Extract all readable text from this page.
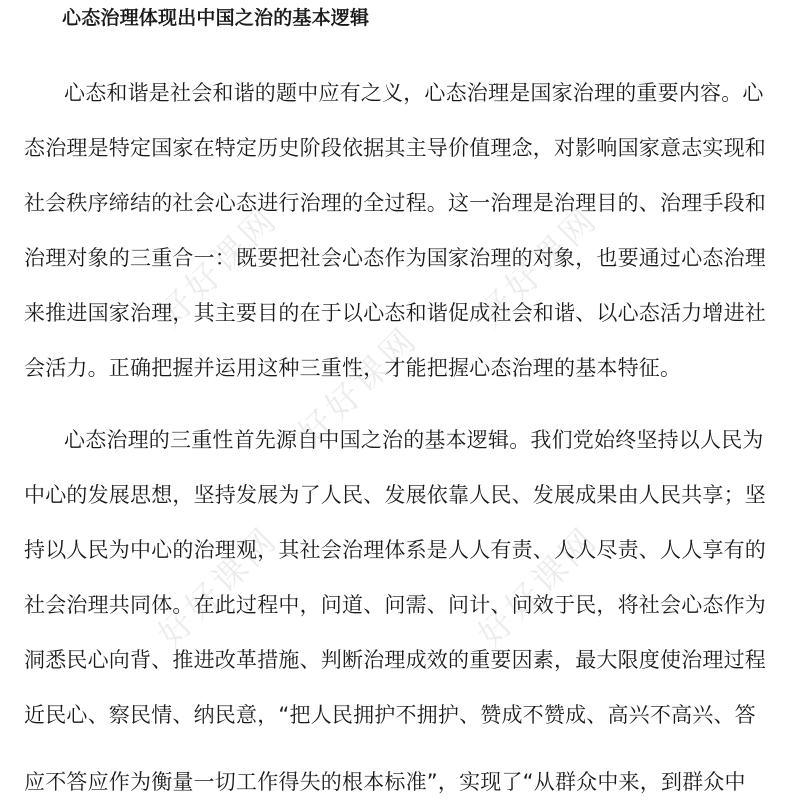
好好课网	好好课网
好好课网
好好课网	好好课网
心态治理体现出中国之治的基本逻辑
心态和谐是社会和谐的题中应有之义，心态治理是国家治理的重要内容。心
态治理是特定国家在特定历史阶段依据其主导价值理念，对影响国家意志实现和
社会秩序缔结的社会心态进行治理的全过程。这一治理是治理目的、治理手段和
治理对象的三重合一：既要把社会心态作为国家治理的对象，也要通过心态治理
来推进国家治理，其主要目的在于以心态和谐促成社会和谐、以心态活力增进社
会活力。正确把握并运用这种三重性，才能把握心态治理的基本特征。
心态治理的三重性首先源自中国之治的基本逻辑。我们党始终坚持以人民为
中心的发展思想，坚持发展为了人民、发展依靠人民、发展成果由人民共享；坚
持以人民为中心的治理观，其社会治理体系是人人有责、人人尽责、人人享有的
社会治理共同体。在此过程中，问道、问需、问计、问效于民，将社会心态作为
洞悉民心向背、推进改革措施、判断治理成效的重要因素，最大限度使治理过程
近民心、察民情、纳民意，“把人民拥护不拥护、赞成不赞成、高兴不高兴、答
应不答应作为衡量一切工作得失的根本标准”，实现了“从群众中来，到群众中
